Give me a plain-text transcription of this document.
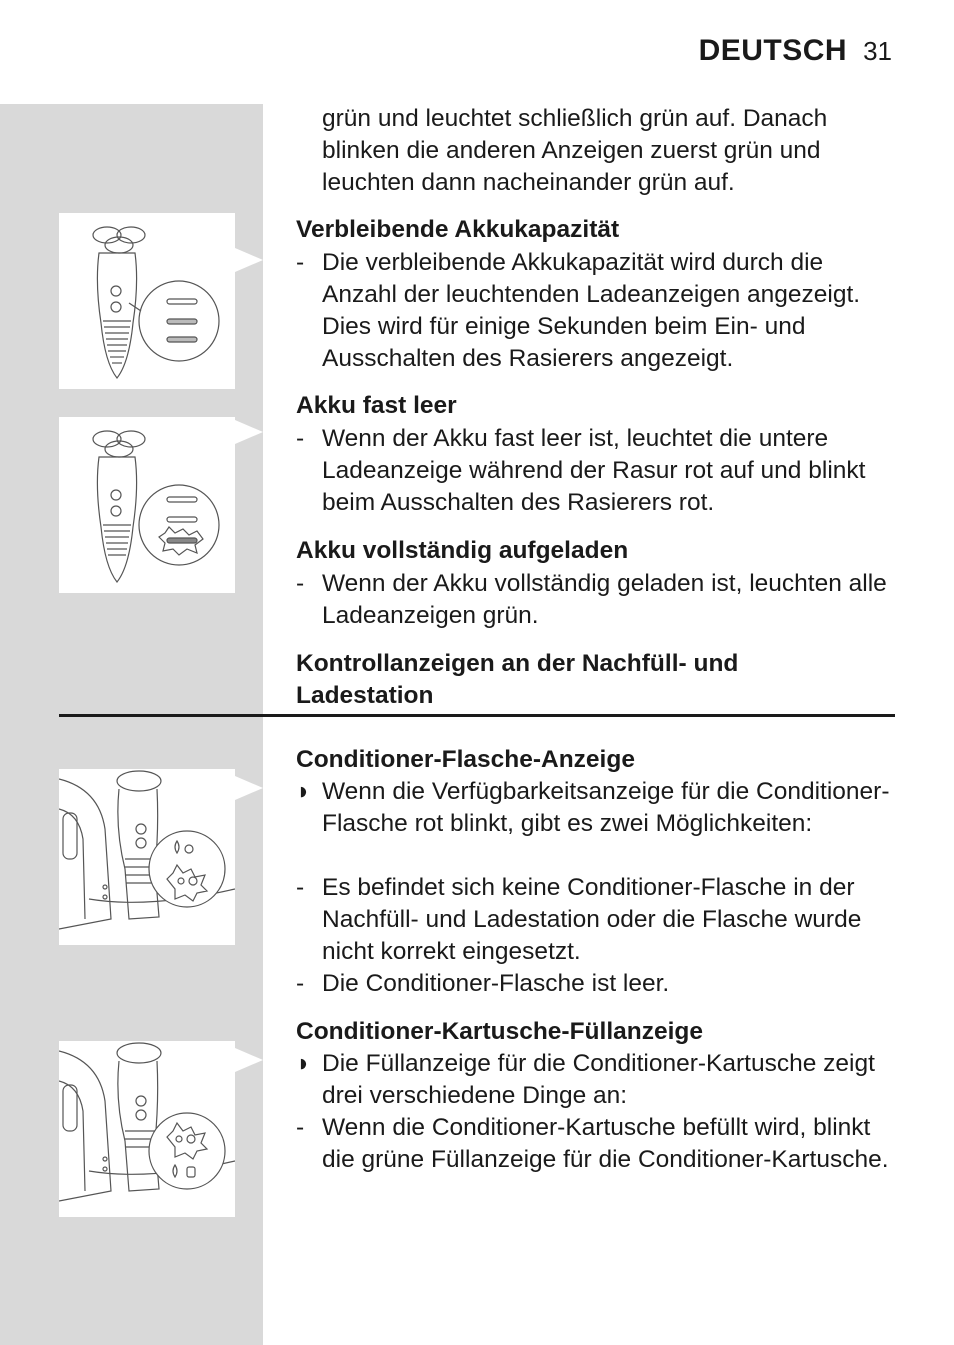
DEUTSCH 31
grün und leuchtet schließlich grün auf. Danach blinken die anderen Anzeigen zuerst grün und leuchten dann nacheinander grün auf.
Verbleibende Akkukapazität
- Die verbleibende Akkukapazität wird durch die Anzahl der leuchtenden Ladeanzeigen angezeigt. Dies wird für einige Sekunden beim Ein- und Ausschalten des Rasierers angezeigt.
Akku fast leer
- Wenn der Akku fast leer ist, leuchtet die untere Ladeanzeige während der Rasur rot auf und blinkt beim Ausschalten des Rasierers rot.
Akku vollständig aufgeladen
- Wenn der Akku vollständig geladen ist, leuchten alle Ladeanzeigen grün.
Kontrollanzeigen an der Nachfüll- und Ladestation
Conditioner-Flasche-Anzeige
◗ Wenn die Verfügbarkeitsanzeige für die Conditioner-Flasche rot blinkt, gibt es zwei Möglichkeiten:
- Es befindet sich keine Conditioner-Flasche in der Nachfüll- und Ladestation oder die Flasche wurde nicht korrekt eingesetzt.
- Die Conditioner-Flasche ist leer.
Conditioner-Kartusche-Füllanzeige
◗ Die Füllanzeige für die Conditioner-Kartusche zeigt drei verschiedene Dinge an:
- Wenn die Conditioner-Kartusche befüllt wird, blinkt die grüne Füllanzeige für die Conditioner-Kartusche.
